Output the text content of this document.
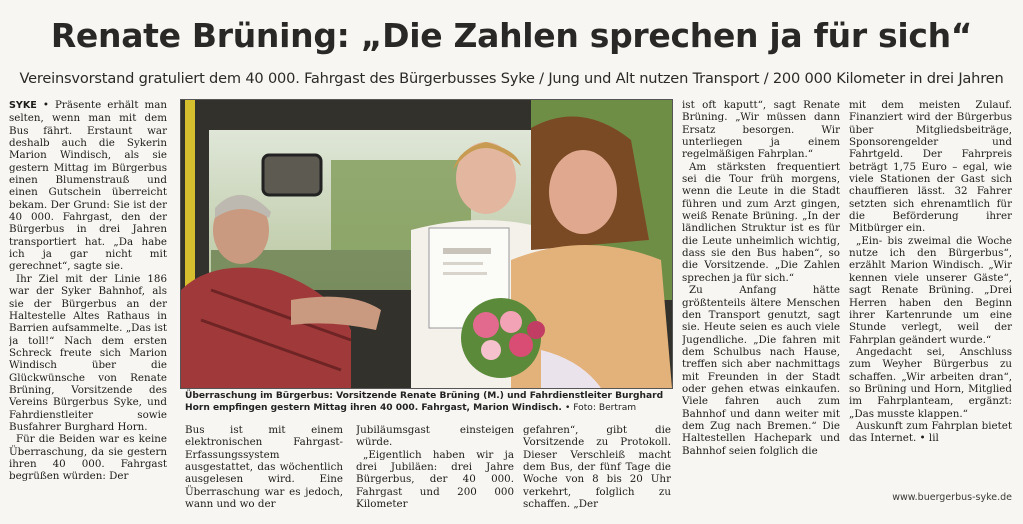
Renate Brüning: „Die Zahlen sprechen ja für sich“
Vereinsvorstand gratuliert dem 40 000. Fahrgast des Bürgerbusses Syke / Jung und Alt nutzen Transport / 200 000 Kilometer in drei Jahren
Überraschung im Bürgerbus: Vorsitzende Renate Brüning (M.) und Fahrdienstleiter Burghard Horn empfingen gestern Mittag ihren 40 000. Fahrgast, Marion Windisch. • Foto: Bertram

SYKE • Präsente erhält man selten, wenn man mit dem Bus fährt. Erstaunt war deshalb auch die Sykerin Marion Windisch, als sie gestern Mittag im Bürgerbus einen Blumenstrauß und einen Gutschein überreicht bekam. Der Grund: Sie ist der 40 000. Fahrgast, den der Bürgerbus in drei Jahren transportiert hat. „Da habe ich ja gar nicht mit gerechnet“, sagte sie.

Ihr Ziel mit der Linie 186 war der Syker Bahnhof, als sie der Bürgerbus an der Haltestelle Altes Rathaus in Barrien aufsammelte. „Das ist ja toll!“ Nach dem ersten Schreck freute sich Marion Windisch über die Glückwünsche von Renate Brüning, Vorsitzende des Vereins Bürgerbus Syke, und Fahrdienstleiter sowie Busfahrer Burghard Horn.

Für die Beiden war es keine Überraschung, da sie gestern ihren 40 000. Fahrgast begrüßen würden: Der

Bus ist mit einem elektronischen Fahrgast-Erfassungssystem ausgestattet, das wöchentlich ausgelesen wird. Eine Überraschung war es jedoch, wann und wo der

Jubiläumsgast einsteigen würde.

„Eigentlich haben wir ja drei Jubiläen: drei Jahre Bürgerbus, der 40 000. Fahrgast und 200 000 Kilometer

gefahren“, gibt die Vorsitzende zu Protokoll. Dieser Verschleiß macht dem Bus, der fünf Tage die Woche von 8 bis 20 Uhr verkehrt, folglich zu schaffen. „Der

ist oft kaputt“, sagt Renate Brüning. „Wir müssen dann Ersatz besorgen. Wir unterliegen ja einem regelmäßigen Fahrplan.“

Am stärksten frequentiert sei die Tour früh morgens, wenn die Leute in die Stadt führen und zum Arzt gingen, weiß Renate Brüning. „In der ländlichen Struktur ist es für die Leute unheimlich wichtig, dass sie den Bus haben“, so die Vorsitzende. „Die Zahlen sprechen ja für sich.“

Zu Anfang hätte größtenteils ältere Menschen den Transport genutzt, sagt sie. Heute seien es auch viele Jugendliche. „Die fahren mit dem Schulbus nach Hause, treffen sich aber nachmittags mit Freunden in der Stadt oder gehen etwas einkaufen. Viele fahren auch zum Bahnhof und dann weiter mit dem Zug nach Bremen.“ Die Haltestellen Hachepark und Bahnhof seien folglich die

mit dem meisten Zulauf. Finanziert wird der Bürgerbus über Mitgliedsbeiträge, Sponsorengelder und Fahrtgeld. Der Fahrpreis beträgt 1,75 Euro – egal, wie viele Stationen der Gast sich chauffieren lässt. 32 Fahrer setzten sich ehrenamtlich für die Beförderung ihrer Mitbürger ein.

„Ein- bis zweimal die Woche nutze ich den Bürgerbus“, erzählt Marion Windisch. „Wir kennen viele unserer Gäste“, sagt Renate Brüning. „Drei Herren haben den Beginn ihrer Kartenrunde um eine Stunde verlegt, weil der Fahrplan geändert wurde.“

Angedacht sei, Anschluss zum Weyher Bürgerbus zu schaffen. „Wir arbeiten dran“, so Brüning und Horn, Mitglied im Fahrplanteam, ergänzt: „Das musste klappen.“

Auskunft zum Fahrplan bietet das Internet. • lil

www.buergerbus-syke.de
